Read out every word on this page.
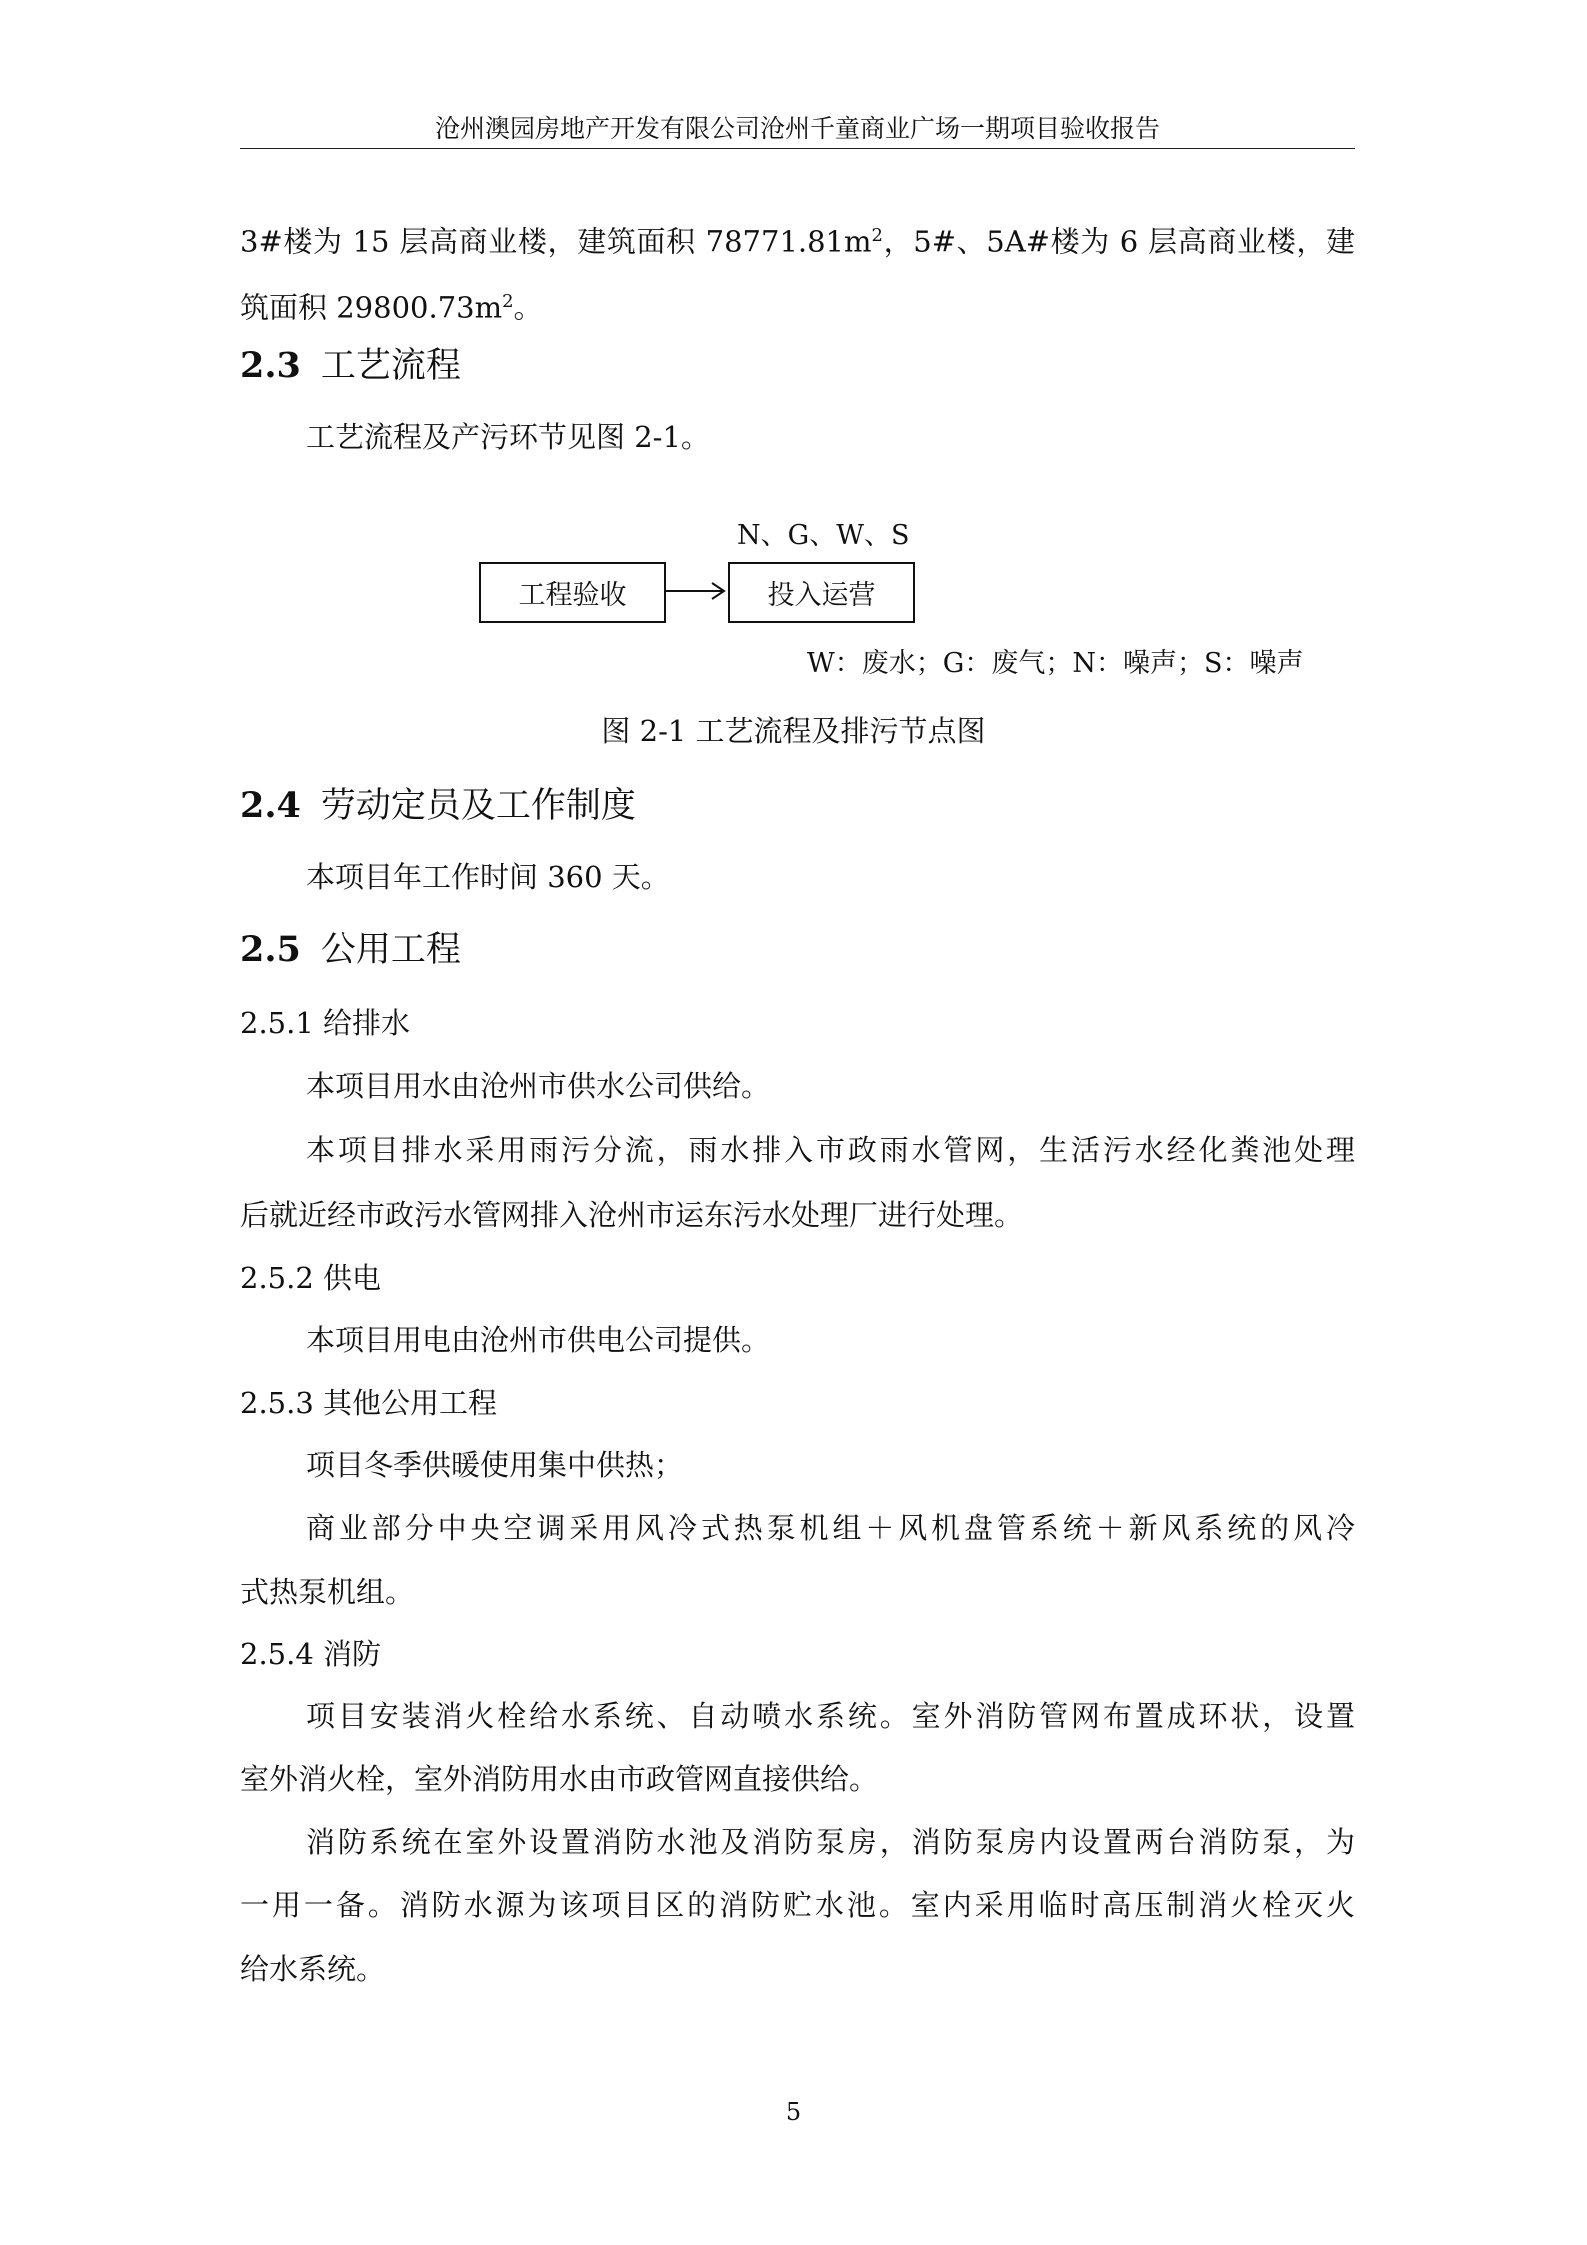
沧州澳园房地产开发有限公司沧州千童商业广场一期项目验收报告

3#楼为 15 层高商业楼，建筑面积 $78771.81m^2$，5#、5A#楼为 6 层高商业楼，建

筑面积 $29800.73m^2$。

2.3 工艺流程

工艺流程及产污环节见图 2-1。

N、G、W、S
工程验收	投入运营
W：废水；G：废气；N：噪声；S：噪声
图 2-1 工艺流程及排污节点图
2.4 劳动定员及工作制度

本项目年工作时间 360 天。

2.5 公用工程

2.5.1 给排水

本项目用水由沧州市供水公司供给。

本项目排水采用雨污分流，雨水排入市政雨水管网，生活污水经化粪池处理

后就近经市政污水管网排入沧州市运东污水处理厂进行处理。

2.5.2 供电

本项目用电由沧州市供电公司提供。

2.5.3 其他公用工程

项目冬季供暖使用集中供热；

商业部分中央空调采用风冷式热泵机组＋风机盘管系统＋新风系统的风冷

式热泵机组。

2.5.4 消防

项目安装消火栓给水系统、自动喷水系统。室外消防管网布置成环状，设置

室外消火栓，室外消防用水由市政管网直接供给。

消防系统在室外设置消防水池及消防泵房，消防泵房内设置两台消防泵，为

一用一备。消防水源为该项目区的消防贮水池。室内采用临时高压制消火栓灭火

给水系统。

5
